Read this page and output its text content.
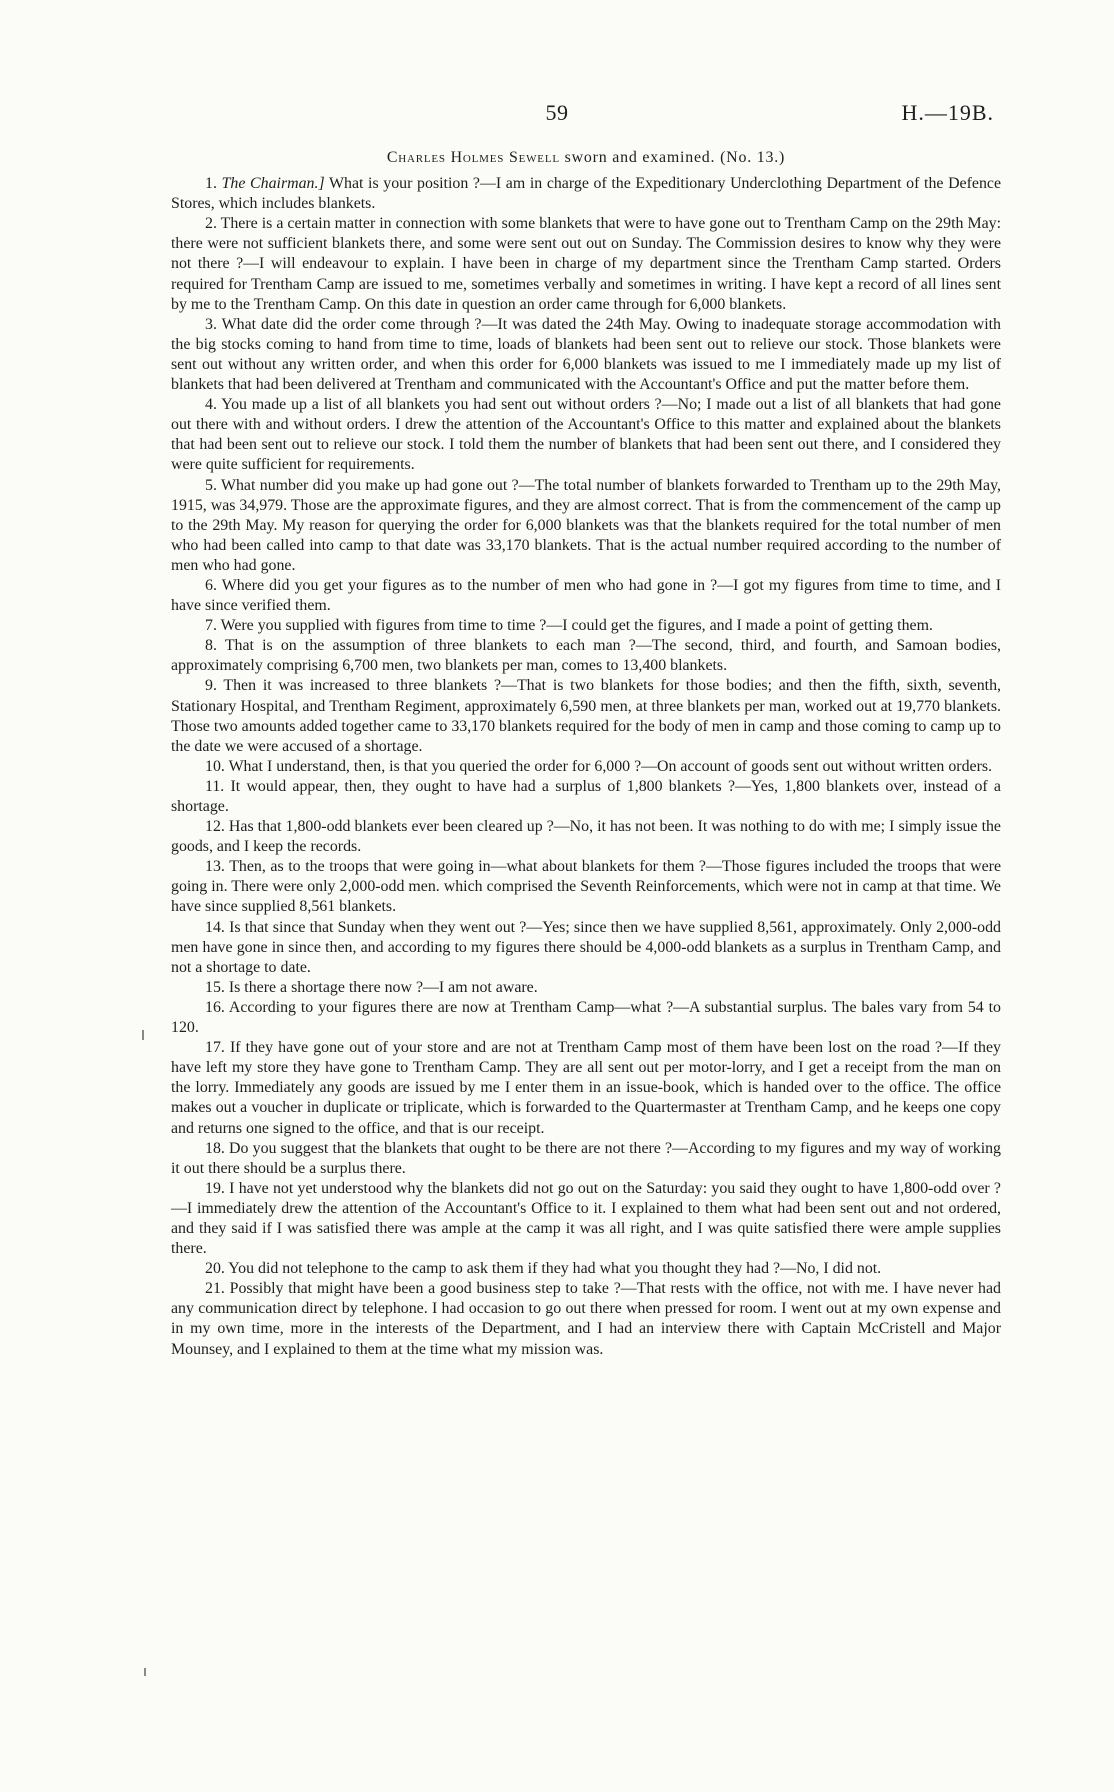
59	H.—19B.
Charles Holmes Sewell sworn and examined. (No. 13.)

1. The Chairman.] What is your position ?—I am in charge of the Expeditionary Underclothing Department of the Defence Stores, which includes blankets.

2. There is a certain matter in connection with some blankets that were to have gone out to Trentham Camp on the 29th May: there were not sufficient blankets there, and some were sent out out on Sunday. The Commission desires to know why they were not there ?—I will endeavour to explain. I have been in charge of my department since the Trentham Camp started. Orders required for Trentham Camp are issued to me, sometimes verbally and sometimes in writing. I have kept a record of all lines sent by me to the Trentham Camp. On this date in question an order came through for 6,000 blankets.

3. What date did the order come through ?—It was dated the 24th May. Owing to inadequate storage accommodation with the big stocks coming to hand from time to time, loads of blankets had been sent out to relieve our stock. Those blankets were sent out without any written order, and when this order for 6,000 blankets was issued to me I immediately made up my list of blankets that had been delivered at Trentham and communicated with the Accountant's Office and put the matter before them.

4. You made up a list of all blankets you had sent out without orders ?—No; I made out a list of all blankets that had gone out there with and without orders. I drew the attention of the Accountant's Office to this matter and explained about the blankets that had been sent out to relieve our stock. I told them the number of blankets that had been sent out there, and I considered they were quite sufficient for requirements.

5. What number did you make up had gone out ?—The total number of blankets forwarded to Trentham up to the 29th May, 1915, was 34,979. Those are the approximate figures, and they are almost correct. That is from the commencement of the camp up to the 29th May. My reason for querying the order for 6,000 blankets was that the blankets required for the total number of men who had been called into camp to that date was 33,170 blankets. That is the actual number required according to the number of men who had gone.

6. Where did you get your figures as to the number of men who had gone in ?—I got my figures from time to time, and I have since verified them.

7. Were you supplied with figures from time to time ?—I could get the figures, and I made a point of getting them.

8. That is on the assumption of three blankets to each man ?—The second, third, and fourth, and Samoan bodies, approximately comprising 6,700 men, two blankets per man, comes to 13,400 blankets.

9. Then it was increased to three blankets ?—That is two blankets for those bodies; and then the fifth, sixth, seventh, Stationary Hospital, and Trentham Regiment, approximately 6,590 men, at three blankets per man, worked out at 19,770 blankets. Those two amounts added together came to 33,170 blankets required for the body of men in camp and those coming to camp up to the date we were accused of a shortage.

10. What I understand, then, is that you queried the order for 6,000 ?—On account of goods sent out without written orders.

11. It would appear, then, they ought to have had a surplus of 1,800 blankets ?—Yes, 1,800 blankets over, instead of a shortage.

12. Has that 1,800-odd blankets ever been cleared up ?—No, it has not been. It was nothing to do with me; I simply issue the goods, and I keep the records.

13. Then, as to the troops that were going in—what about blankets for them ?—Those figures included the troops that were going in. There were only 2,000-odd men. which comprised the Seventh Reinforcements, which were not in camp at that time. We have since supplied 8,561 blankets.

14. Is that since that Sunday when they went out ?—Yes; since then we have supplied 8,561, approximately. Only 2,000-odd men have gone in since then, and according to my figures there should be 4,000-odd blankets as a surplus in Trentham Camp, and not a shortage to date.

15. Is there a shortage there now ?—I am not aware.

16. According to your figures there are now at Trentham Camp—what ?—A substantial surplus. The bales vary from 54 to 120.

17. If they have gone out of your store and are not at Trentham Camp most of them have been lost on the road ?—If they have left my store they have gone to Trentham Camp. They are all sent out per motor-lorry, and I get a receipt from the man on the lorry. Immediately any goods are issued by me I enter them in an issue-book, which is handed over to the office. The office makes out a voucher in duplicate or triplicate, which is forwarded to the Quartermaster at Trentham Camp, and he keeps one copy and returns one signed to the office, and that is our receipt.

18. Do you suggest that the blankets that ought to be there are not there ?—According to my figures and my way of working it out there should be a surplus there.

19. I have not yet understood why the blankets did not go out on the Saturday: you said they ought to have 1,800-odd over ?—I immediately drew the attention of the Accountant's Office to it. I explained to them what had been sent out and not ordered, and they said if I was satisfied there was ample at the camp it was all right, and I was quite satisfied there were ample supplies there.

20. You did not telephone to the camp to ask them if they had what you thought they had ?—No, I did not.

21. Possibly that might have been a good business step to take ?—That rests with the office, not with me. I have never had any communication direct by telephone. I had occasion to go out there when pressed for room. I went out at my own expense and in my own time, more in the interests of the Department, and I had an interview there with Captain McCristell and Major Mounsey, and I explained to them at the time what my mission was.
